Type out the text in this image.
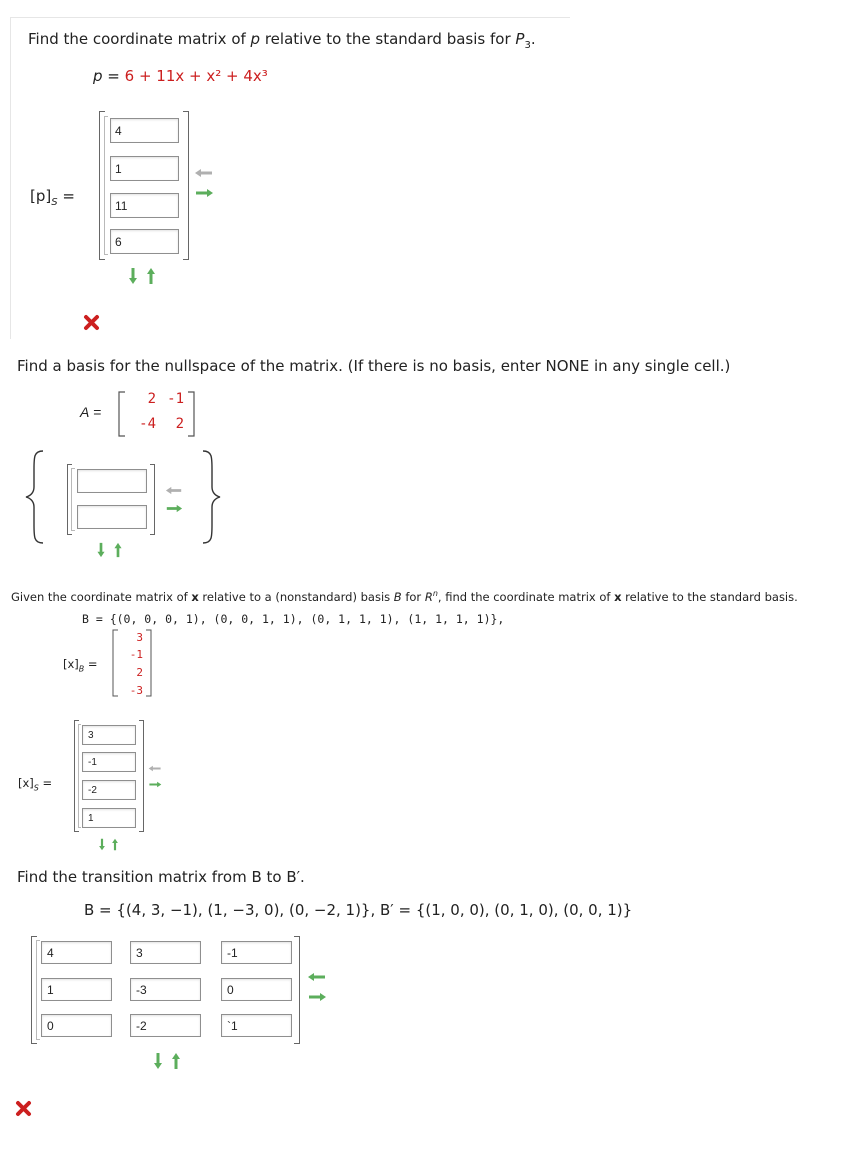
Find the coordinate matrix of p relative to the standard basis for $P_3$.
p = 6 + 11x + x² + 4x³
$[p]_S$ =
4
1
11
6
Find a basis for the nullspace of the matrix. (If there is no basis, enter NONE in any single cell.)
A =
2 -1
-4	2
Given the coordinate matrix of x relative to a (nonstandard) basis B for $R^n$, find the coordinate matrix of x relative to the standard basis.
B = {(0, 0, 0, 1), (0, 0, 1, 1), (0, 1, 1, 1), (1, 1, 1, 1)},
$[x]_B$ =
3
-1
2
-3
$[x]_S$ =
3
-1
-2
1
Find the transition matrix from B to B′.
B = {(4, 3, −1), (1, −3, 0), (0, −2, 1)}, B′ = {(1, 0, 0), (0, 1, 0), (0, 0, 1)}
4
3
-1
1
-3
0
0
-2
`1
